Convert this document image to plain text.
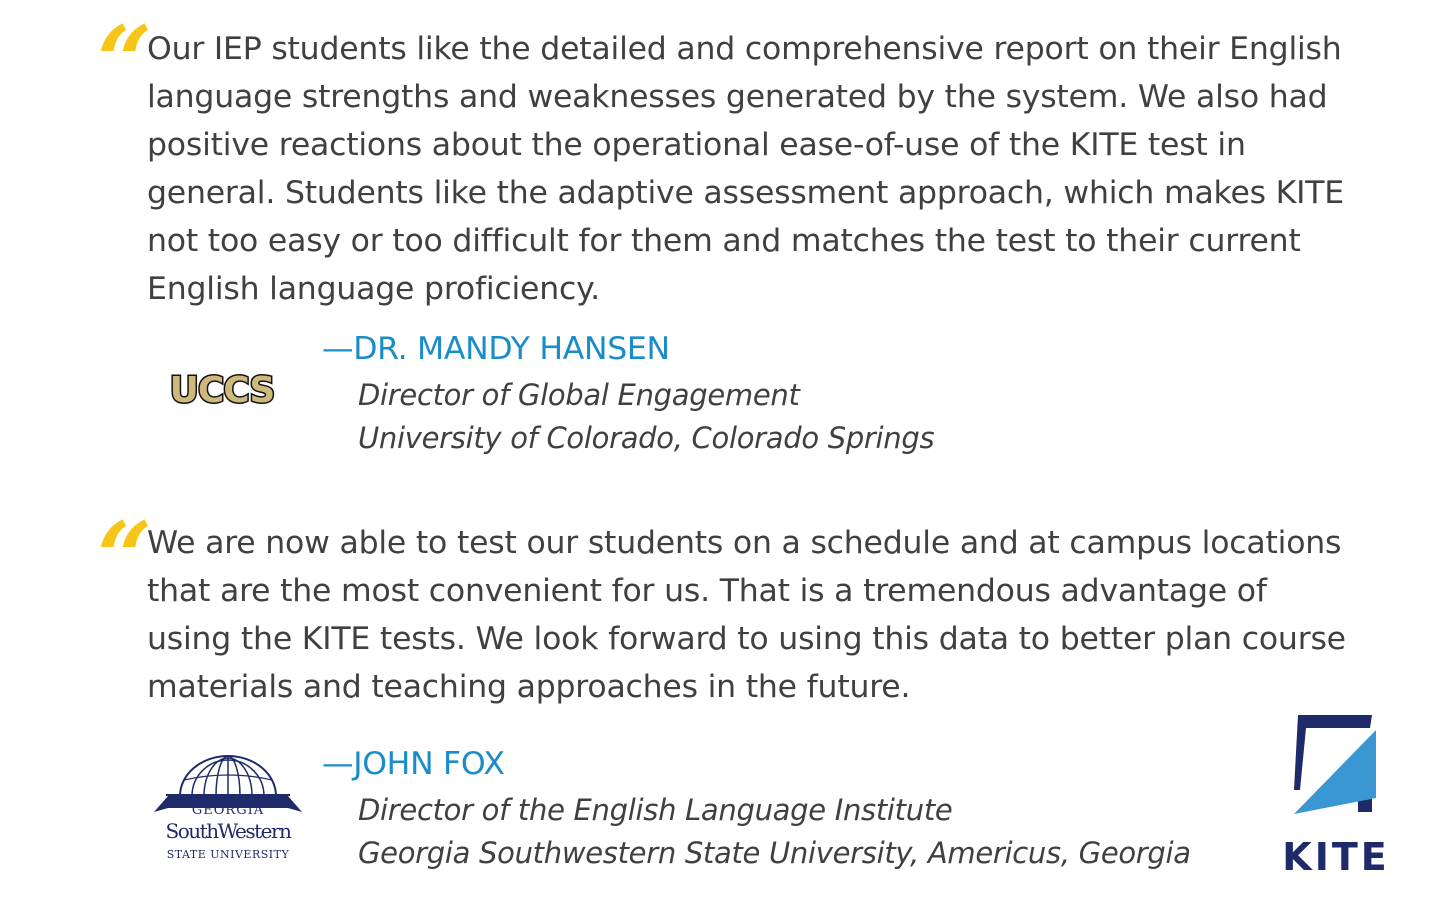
“
Our IEP students like the detailed and comprehensive report on their English language strengths and weaknesses generated by the system. We also had positive reactions about the operational ease-of-use of the KITE test in general. Students like the adaptive assessment approach, which makes KITE not too easy or too difficult for them and matches the test to their current English language proficiency.
—DR. MANDY HANSEN
Director of Global Engagement
University of Colorado, Colorado Springs
UCCS
“
We are now able to test our students on a schedule and at campus locations that are the most convenient for us. That is a tremendous advantage of using the KITE tests. We look forward to using this data to better plan course materials and teaching approaches in the future.
—JOHN FOX
Director of the English Language Institute
Georgia Southwestern State University, Americus, Georgia
GEORGIA
SouthWestern
STATE UNIVERSITY	KITE
